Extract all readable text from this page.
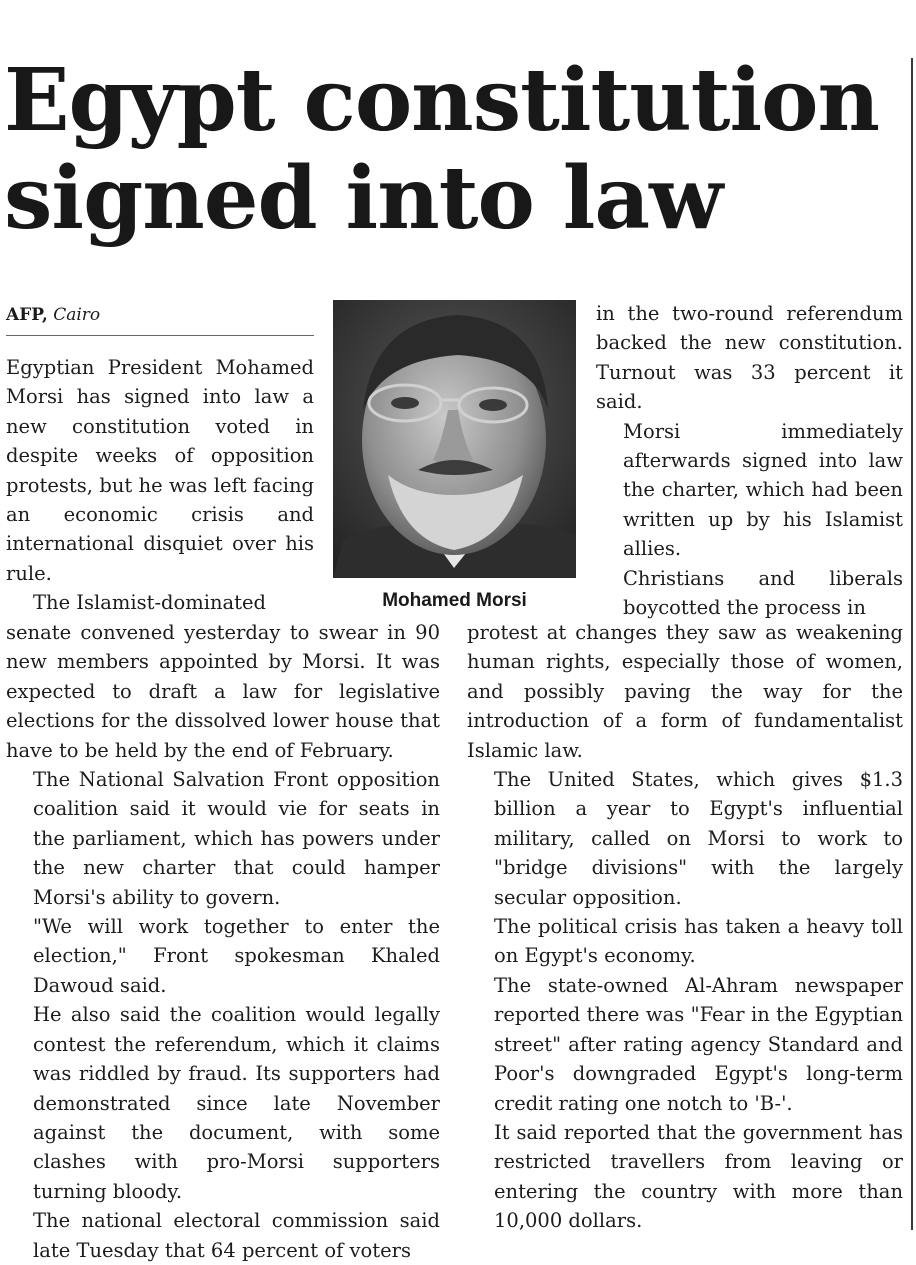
Egypt constitution
signed into law
AFP, Cairo
Mohamed Morsi
Egyptian President Mohamed Morsi has signed into law a new constitution voted in despite weeks of opposition protests, but he was left facing an economic crisis and international disquiet over his rule.
The Islamist-dominated
senate convened yesterday to swear in 90 new members appointed by Morsi. It was expected to draft a law for legislative elections for the dissolved lower house that have to be held by the end of February.
The National Salvation Front opposition coalition said it would vie for seats in the parliament, which has powers under the new charter that could hamper Morsi's ability to govern.
"We will work together to enter the election," Front spokesman Khaled Dawoud said.
He also said the coalition would legally contest the referendum, which it claims was riddled by fraud. Its supporters had demonstrated since late November against the document, with some clashes with pro-Morsi supporters turning bloody.
The national electoral commission said late Tuesday that 64 percent of voters
in the two-round referendum backed the new constitution. Turnout was 33 percent it said.
Morsi immediately afterwards signed into law the charter, which had been written up by his Islamist allies.
Christians and liberals boycotted the process in
protest at changes they saw as weakening human rights, especially those of women, and possibly paving the way for the introduction of a form of fundamentalist Islamic law.
The United States, which gives $1.3 billion a year to Egypt's influential military, called on Morsi to work to "bridge divisions" with the largely secular opposition.
The political crisis has taken a heavy toll on Egypt's economy.
The state-owned Al-Ahram newspaper reported there was "Fear in the Egyptian street" after rating agency Standard and Poor's downgraded Egypt's long-term credit rating one notch to 'B-'.
It said reported that the government has restricted travellers from leaving or entering the country with more than 10,000 dollars.
